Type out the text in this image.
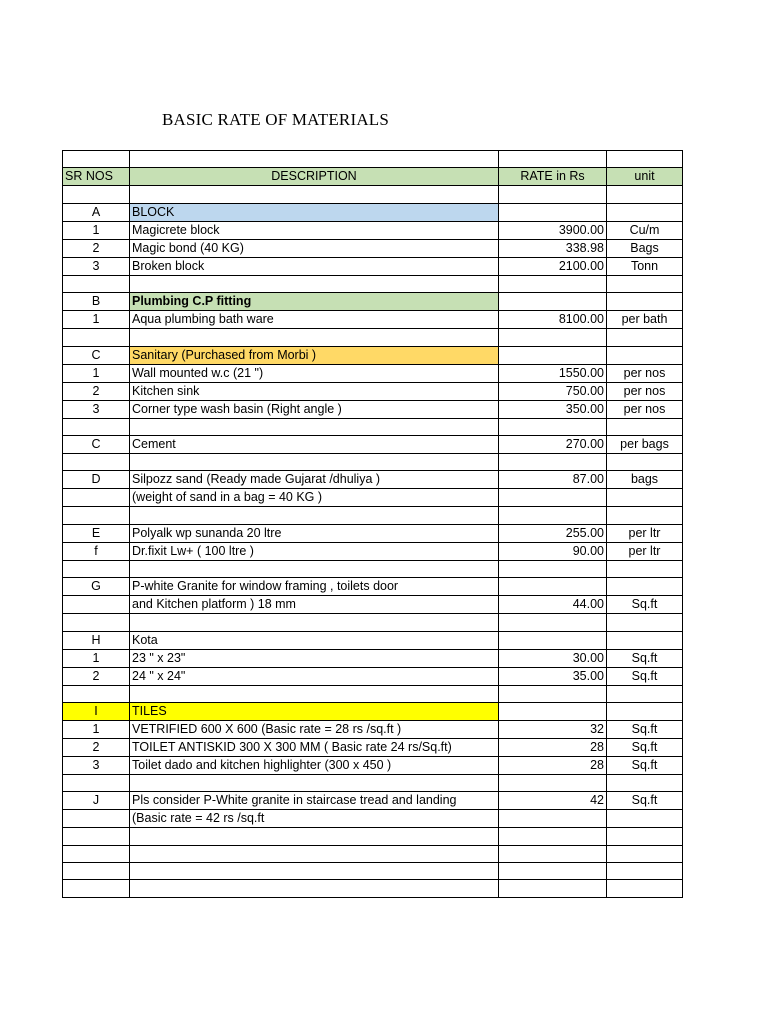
BASIC RATE OF MATERIALS

SR NOS	DESCRIPTION	RATE in Rs	unit

A	BLOCK		
1	Magicrete block	3900.00	Cu/m
2	Magic bond (40 KG)	338.98	Bags
3	Broken block	2100.00	Tonn

B	Plumbing C.P fitting		
1	Aqua plumbing bath ware	8100.00	per bath

C	Sanitary (Purchased from Morbi )		
1	Wall mounted w.c (21 ")	1550.00	per nos
2	Kitchen sink	750.00	per nos
3	Corner type wash basin (Right angle )	350.00	per nos

C	Cement	270.00	per bags

D	Silpozz sand (Ready made Gujarat /dhuliya )	87.00	bags
	(weight of sand in a bag = 40 KG )		

E	Polyalk wp sunanda 20 ltre	255.00	per ltr
f	Dr.fixit Lw+ ( 100 ltre )	90.00	per ltr

G	P-white Granite for window framing , toilets door		
	and Kitchen platform ) 18 mm	44.00	Sq.ft

H	Kota		
1	23 " x 23"	30.00	Sq.ft
2	24 " x 24"	35.00	Sq.ft

I	TILES		
1	VETRIFIED 600 X 600 (Basic rate = 28 rs /sq.ft )	32	Sq.ft
2	TOILET ANTISKID 300 X 300 MM ( Basic rate 24 rs/Sq.ft)	28	Sq.ft
3	Toilet dado and kitchen highlighter (300 x 450 )	28	Sq.ft

J	Pls consider P-White granite in staircase tread and landing	42	Sq.ft
	(Basic rate = 42 rs /sq.ft		
